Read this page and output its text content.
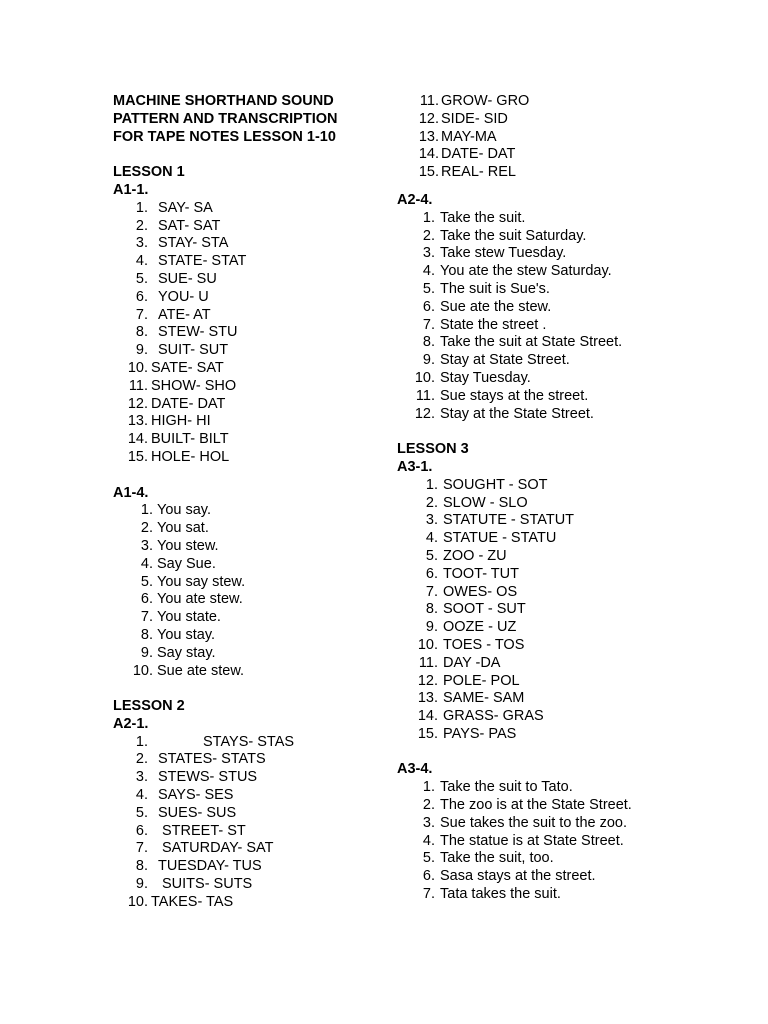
MACHINE SHORTHAND SOUND
PATTERN AND TRANSCRIPTION
FOR TAPE NOTES LESSON 1-10
LESSON 1
A1-1.
1. SAY- SA
2. SAT- SAT
3. STAY- STA
4. STATE- STAT
5. SUE- SU
6. YOU- U
7. ATE- AT
8. STEW- STU
9. SUIT- SUT
10. SATE- SAT
11. SHOW- SHO
12. DATE- DAT
13. HIGH- HI
14. BUILT- BILT
15. HOLE- HOL
A1-4.
1. You say.
2. You sat.
3. You stew.
4. Say Sue.
5. You say stew.
6. You ate stew.
7. You state.
8. You stay.
9. Say stay.
10. Sue ate stew.
LESSON 2
A2-1.
1.	STAYS- STAS
2. STATES- STATS
3. STEWS- STUS
4. SAYS- SES
5. SUES- SUS
6. STREET- ST
7. SATURDAY- SAT
8. TUESDAY- TUS
9. SUITS- SUTS
10. TAKES- TAS
11. GROW- GRO
12. SIDE- SID
13. MAY-MA
14. DATE- DAT
15. REAL- REL
A2-4.
1. Take the suit.
2. Take the suit Saturday.
3. Take stew Tuesday.
4. You ate the stew Saturday.
5. The suit is Sue's.
6. Sue ate the stew.
7. State the street .
8. Take the suit at State Street.
9. Stay at State Street.
10. Stay Tuesday.
11. Sue stays at the street.
12. Stay at the State Street.
LESSON 3
A3-1.
1. SOUGHT - SOT
2. SLOW - SLO
3. STATUTE - STATUT
4. STATUE - STATU
5. ZOO - ZU
6. TOOT- TUT
7. OWES- OS
8. SOOT - SUT
9. OOZE - UZ
10. TOES - TOS
11. DAY -DA
12. POLE- POL
13. SAME- SAM
14. GRASS- GRAS
15. PAYS- PAS
A3-4.
1. Take the suit to Tato.
2. The zoo is at the State Street.
3. Sue takes the suit to the zoo.
4. The statue is at State Street.
5. Take the suit, too.
6. Sasa stays at the street.
7. Tata takes the suit.
